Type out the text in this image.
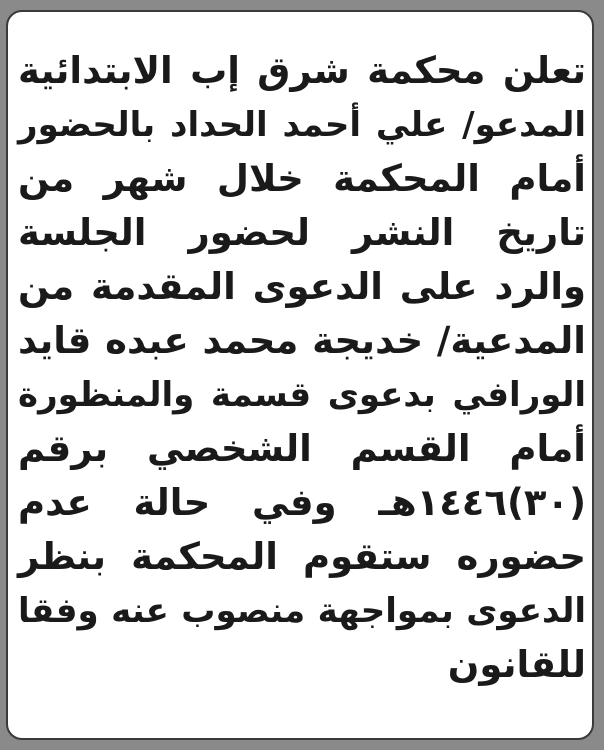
تعلن محكمة شرق إب الابتدائية
المدعو/ علي أحمد الحداد بالحضور
أمام المحكمة خلال شهر من
تاريخ النشر لحضور الجلسة
والرد على الدعوى المقدمة من
المدعية/ خديجة محمد عبده قايد
الورافي بدعوى قسمة والمنظورة
أمام القسم الشخصي برقم
(٣٠)١٤٤٦هـ وفي حالة عدم
حضوره ستقوم المحكمة بنظر
الدعوى بمواجهة منصوب عنه وفقا
للقانون
